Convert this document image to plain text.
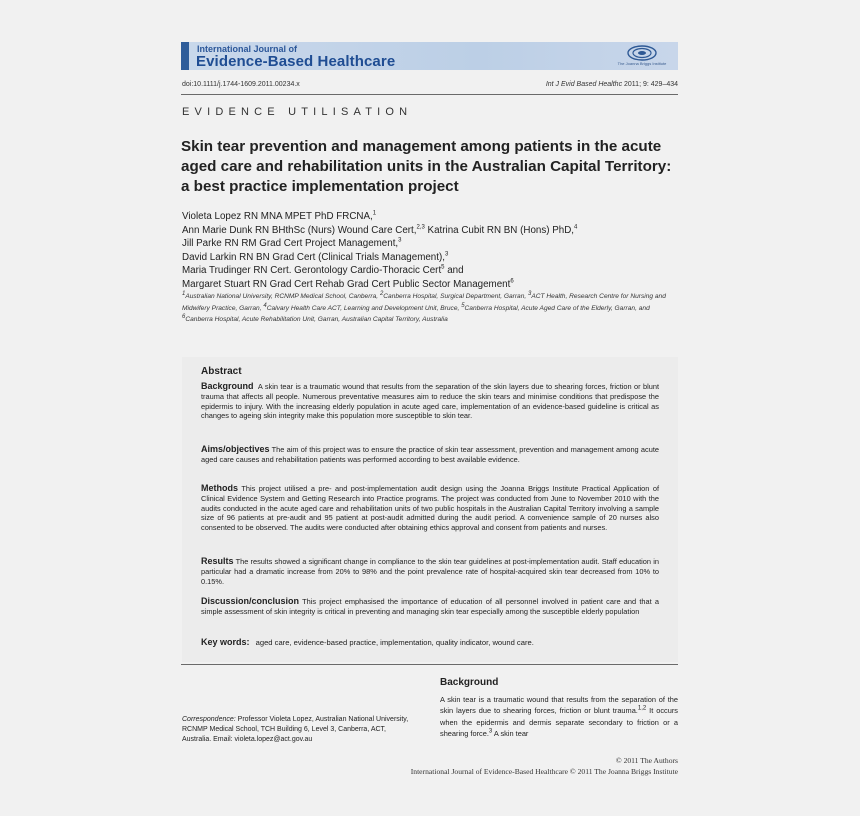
International Journal of
Evidence-Based Healthcare	The Joanna Briggs Institute
doi:10.1111/j.1744-1609.2011.00234.x	Int J Evid Based Healthc 2011; 9: 429–434
EVIDENCE UTILISATION
Skin tear prevention and management among patients in the acute aged care and rehabilitation units in the Australian Capital Territory: a best practice implementation project
Violeta Lopez RN MNA MPET PhD FRCNA,$^1$
Ann Marie Dunk RN BHthSc (Nurs) Wound Care Cert,$^{2,3}$ Katrina Cubit RN BN (Hons) PhD,$^4$
Jill Parke RN RM Grad Cert Project Management,$^3$
David Larkin RN BN Grad Cert (Clinical Trials Management),$^3$
Maria Trudinger RN Cert. Gerontology Cardio-Thoracic Cert$^5$ and
Margaret Stuart RN Grad Cert Rehab Grad Cert Public Sector Management$^6$
$^1$Australian National University, RCNMP Medical School, Canberra, $^2$Canberra Hospital, Surgical Department, Garran, $^3$ACT Health, Research Centre for Nursing and Midwifery Practice, Garran, $^4$Calvary Health Care ACT, Learning and Development Unit, Bruce, $^5$Canberra Hospital, Acute Aged Care of the Elderly, Garran, and $^6$Canberra Hospital, Acute Rehabilitation Unit, Garran, Australian Capital Territory, Australia
Abstract
Background A skin tear is a traumatic wound that results from the separation of the skin layers due to shearing forces, friction or blunt trauma that affects all people. Numerous preventative measures aim to reduce the skin tears and minimise conditions that predispose the epidermis to injury. With the increasing elderly population in acute aged care, implementation of an evidence-based guideline is critical as changes to ageing skin integrity make this population more susceptible to skin tear.
Aims/objectives The aim of this project was to ensure the practice of skin tear assessment, prevention and management among acute aged care causes and rehabilitation patients was performed according to best available evidence.
Methods This project utilised a pre- and post-implementation audit design using the Joanna Briggs Institute Practical Application of Clinical Evidence System and Getting Research into Practice programs. The project was conducted from June to November 2010 with the audits conducted in the acute aged care and rehabilitation units of two public hospitals in the Australian Capital Territory involving a sample size of 96 patients at pre-audit and 95 patient at post-audit admitted during the audit period. A convenience sample of 20 nurses also consented to be observed. The audits were conducted after obtaining ethics approval and consent from patients and nurses.
Results The results showed a significant change in compliance to the skin tear guidelines at post-implementation audit. Staff education in particular had a dramatic increase from 20% to 98% and the point prevalence rate of hospital-acquired skin tear decreased from 10% to 0.15%.
Discussion/conclusion This project emphasised the importance of education of all personnel involved in patient care and that a simple assessment of skin integrity is critical in preventing and managing skin tear especially among the susceptible elderly population
Key words: aged care, evidence-based practice, implementation, quality indicator, wound care.
Correspondence: Professor Violeta Lopez, Australian National University, RCNMP Medical School, TCH Building 6, Level 3, Canberra, ACT, Australia. Email: violeta.lopez@act.gov.au
Background
A skin tear is a traumatic wound that results from the separation of the skin layers due to shearing forces, friction or blunt trauma.$^{1,2}$ It occurs when the epidermis and dermis separate secondary to friction or a shearing force.$^3$ A skin tear
© 2011 The Authors
International Journal of Evidence-Based Healthcare © 2011 The Joanna Briggs Institute
